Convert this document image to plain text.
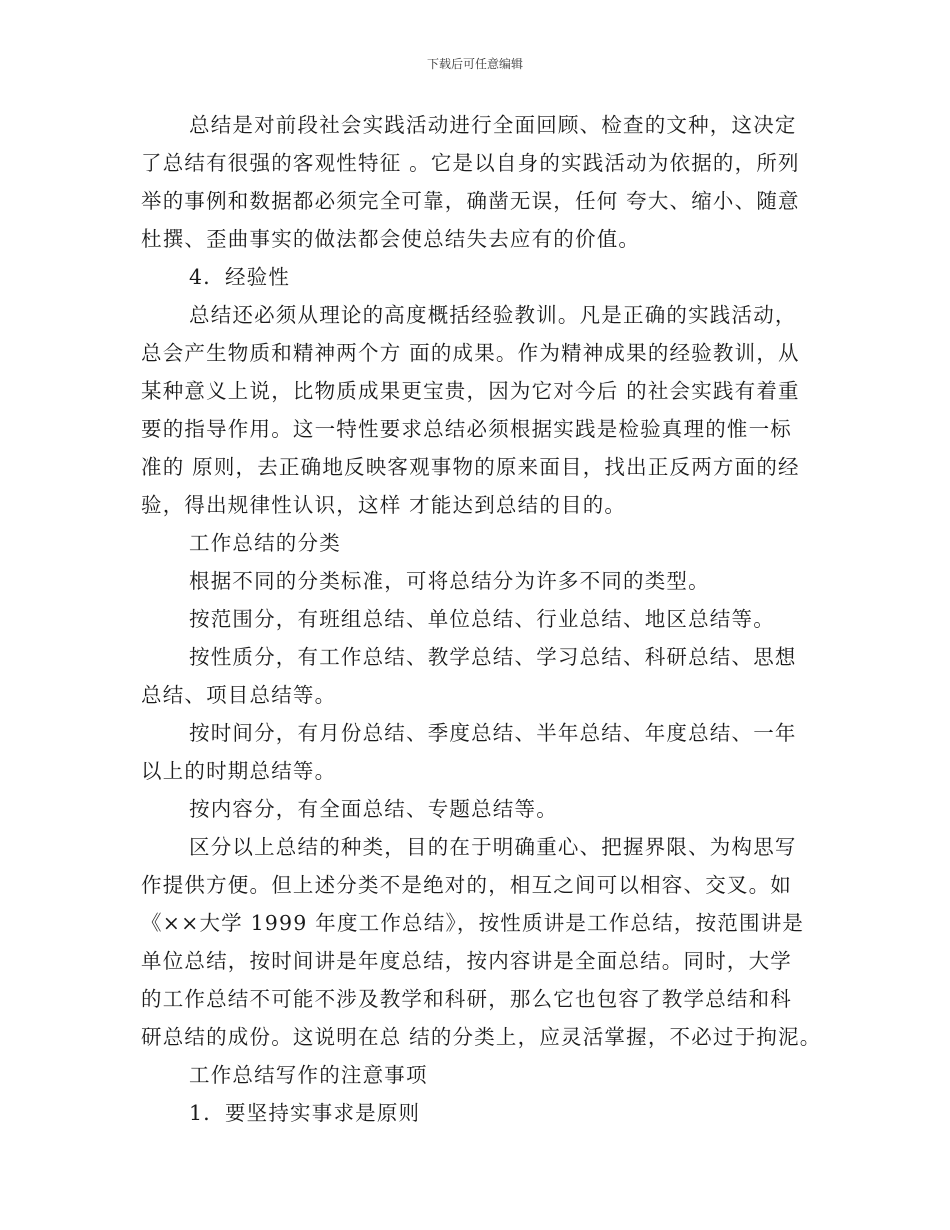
下载后可任意编辑
总结是对前段社会实践活动进行全面回顾、检查的文种，这决定
了总结有很强的客观性特征 。它是以自身的实践活动为依据的，所列
举的事例和数据都必须完全可靠，确凿无误，任何 夸大、缩小、随意
杜撰、歪曲事实的做法都会使总结失去应有的价值。
4．经验性
总结还必须从理论的高度概括经验教训。凡是正确的实践活动，
总会产生物质和精神两个方 面的成果。作为精神成果的经验教训，从
某种意义上说，比物质成果更宝贵，因为它对今后 的社会实践有着重
要的指导作用。这一特性要求总结必须根据实践是检验真理的惟一标
准的 原则，去正确地反映客观事物的原来面目，找出正反两方面的经
验，得出规律性认识，这样 才能达到总结的目的。
工作总结的分类
根据不同的分类标准，可将总结分为许多不同的类型。
按范围分，有班组总结、单位总结、行业总结、地区总结等。
按性质分，有工作总结、教学总结、学习总结、科研总结、思想
总结、项目总结等。
按时间分，有月份总结、季度总结、半年总结、年度总结、一年
以上的时期总结等。
按内容分，有全面总结、专题总结等。
区分以上总结的种类，目的在于明确重心、把握界限、为构思写
作提供方便。但上述分类不是绝对的，相互之间可以相容、交叉。如
《××大学 1999 年度工作总结》，按性质讲是工作总结，按范围讲是
单位总结，按时间讲是年度总结，按内容讲是全面总结。同时，大学
的工作总结不可能不涉及教学和科研，那么它也包容了教学总结和科
研总结的成份。这说明在总 结的分类上，应灵活掌握，不必过于拘泥。
工作总结写作的注意事项
1．要坚持实事求是原则
